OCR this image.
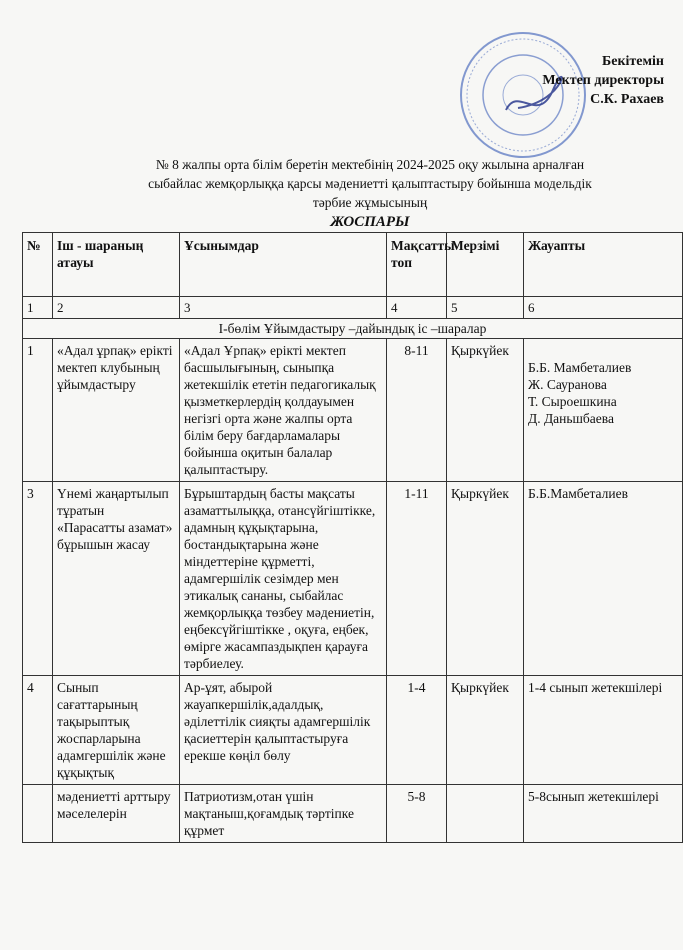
Бекітемін
Мектеп директоры
С.К. Рахаев
№ 8 жалпы орта білім беретін мектебінің 2024-2025 оқу жылына арналған
сыбайлас жемқорлыққа қарсы мәдениетті қалыптастыру бойынша модельдік
тәрбие жұмысының
ЖОСПАРЫ
№	Іш - шараның атауы	Ұсынымдар	Мақсатты топ	Мерзімі	Жауапты
1	2	3	4	5	6
І-бөлім Ұйымдастыру –дайындық іс –шаралар					
1	«Адал ұрпақ» ерікті мектеп клубының ұйымдастыру	«Адал Ұрпақ» ерікті мектеп басшылығының, сыныпқа жетекшілік ететін педагогикалық қызметкерлердің қолдауымен негізгі орта және жалпы орта білім беру бағдарламалары бойынша оқитын балалар қалыптастыру.	8-11	Қыркүйек	Б.Б. Мамбеталиев
Ж. Сауранова
Т. Сыроешкина
Д. Даньшбаева

3	Үнемі жаңартылып тұратын «Парасатты азамат» бұрышын жасау	Бұрыштардың басты мақсаты азаматтылыққа, отансүйгіштікке, адамның құқықтарына, бостандықтарына және міндеттеріне құрметті, адамгершілік сезімдер мен этикалық сананы, сыбайлас жемқорлыққа төзбеу мәдениетін, еңбексүйгіштікке , оқуға, еңбек, өмірге жасампаздықпен қарауға тәрбиелеу.	1-11	Қыркүйек	Б.Б.Мамбеталиев

4	Сынып сағаттарының тақырыптық жоспарларына адамгершілік және құқықтық	Ар-ұят, абырой жауапкершілік,адалдық, әділеттілік сияқты адамгершілік қасиеттерін қалыптастыруға ерекше көңіл бөлу	1-4	Қыркүйек	1-4 сынып жетекшілері

	мәдениетті арттыру мәселелерін	Патриотизм,отан үшін мақтаныш,қоғамдық тәртіпке құрмет	5-8		5-8сынып жетекшілері
